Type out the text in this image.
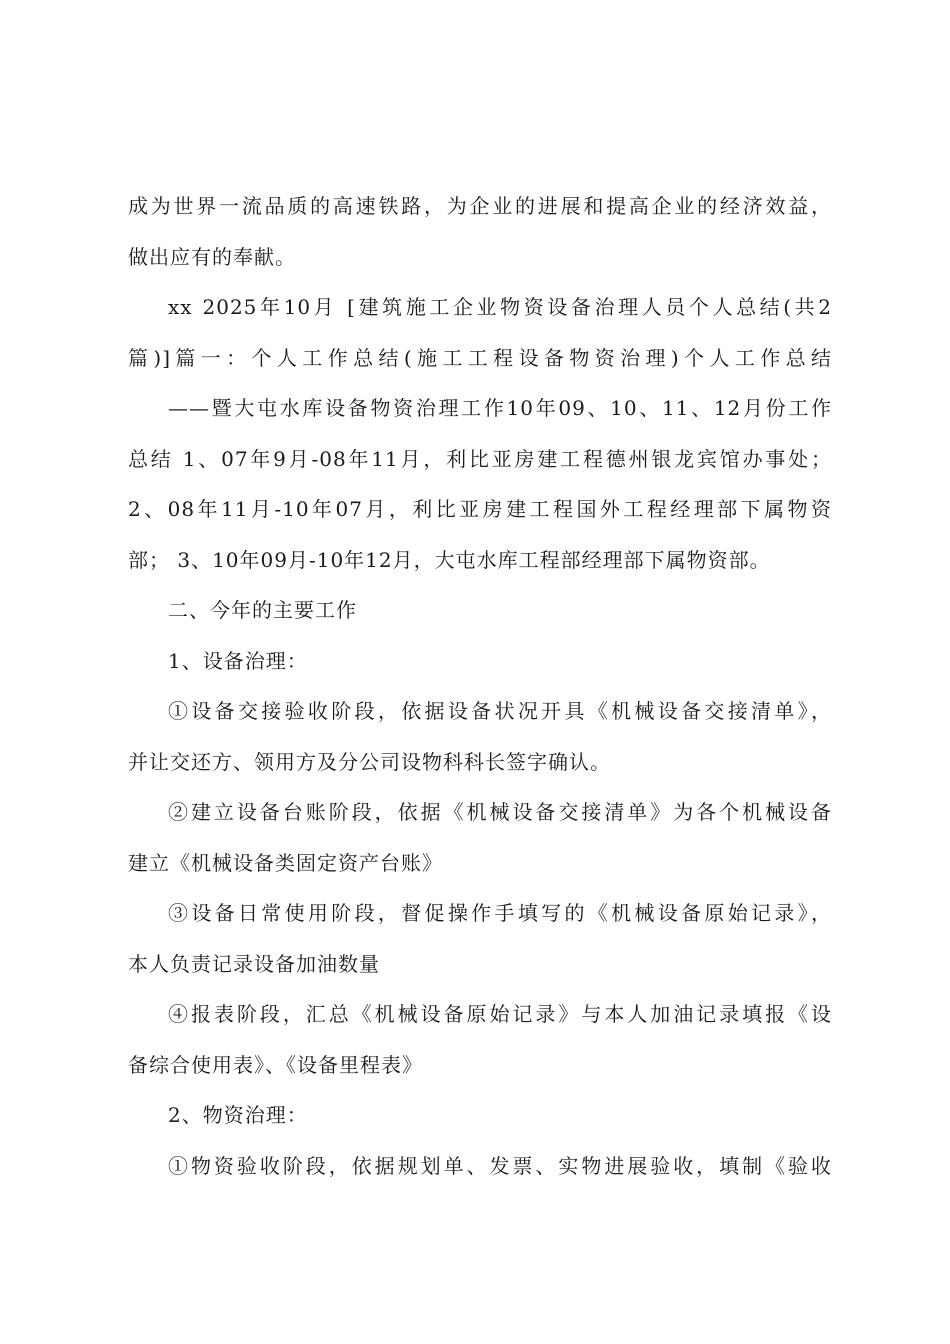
成为世界一流品质的高速铁路，为企业的进展和提高企业的经济效益，
做出应有的奉献。
xx 2025年10月 [建筑施工企业物资设备治理人员个人总结(共2
篇)]篇一：个人工作总结(施工工程设备物资治理)个人工作总结
——暨大屯水库设备物资治理工作10年09、10、11、12月份工作
总结 1、07年9月-08年11月，利比亚房建工程德州银龙宾馆办事处；
2、08年11月-10年07月，利比亚房建工程国外工程经理部下属物资
部； 3、10年09月-10年12月，大屯水库工程部经理部下属物资部。
二、今年的主要工作
1、设备治理：
①设备交接验收阶段，依据设备状况开具《机械设备交接清单》，
并让交还方、领用方及分公司设物科科长签字确认。
②建立设备台账阶段，依据《机械设备交接清单》为各个机械设备
建立《机械设备类固定资产台账》
③设备日常使用阶段，督促操作手填写的《机械设备原始记录》，
本人负责记录设备加油数量
④报表阶段，汇总《机械设备原始记录》与本人加油记录填报《设
备综合使用表》、《设备里程表》
2、物资治理：
①物资验收阶段，依据规划单、发票、实物进展验收，填制《验收
